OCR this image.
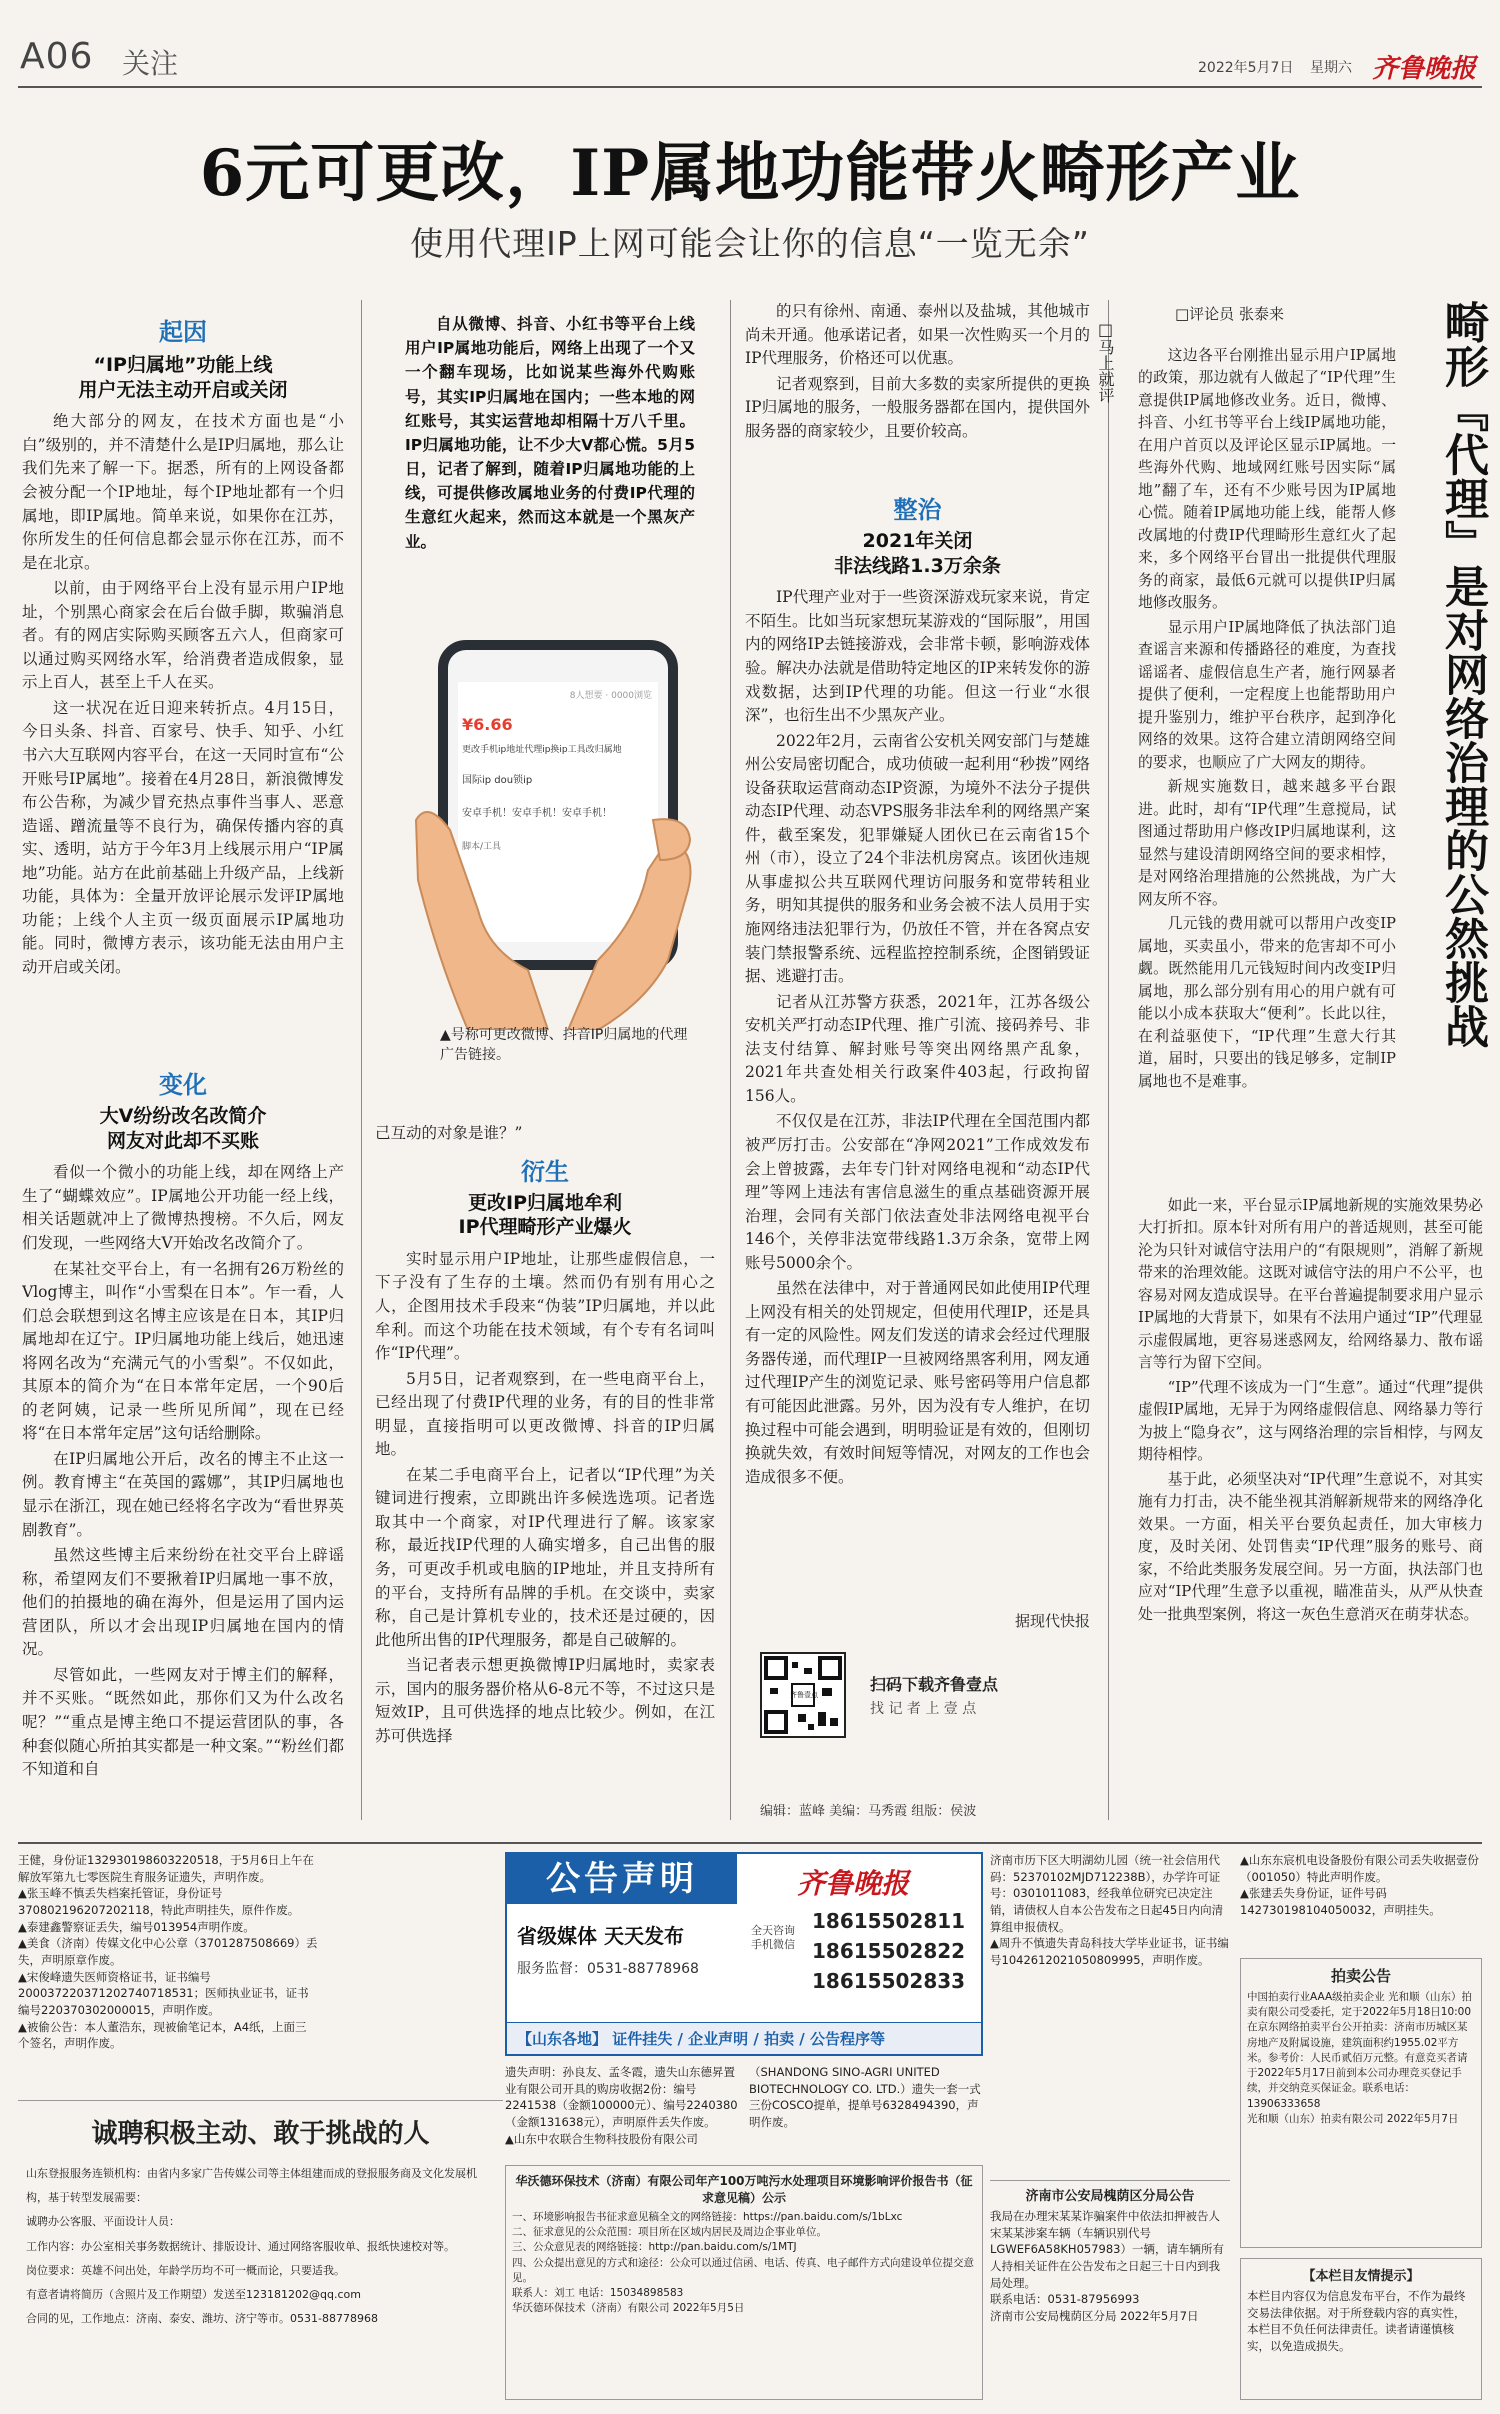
A06 关注	2022年5月7日 星期六 齐鲁晚报
6元可更改，IP属地功能带火畸形产业
使用代理IP上网可能会让你的信息“一览无余”
起因
“IP归属地”功能上线
用户无法主动开启或关闭

绝大部分的网友，在技术方面也是“小白”级别的，并不清楚什么是IP归属地，那么让我们先来了解一下。据悉，所有的上网设备都会被分配一个IP地址，每个IP地址都有一个归属地，即IP属地。简单来说，如果你在江苏，你所发生的任何信息都会显示你在江苏，而不是在北京。

以前，由于网络平台上没有显示用户IP地址，个别黑心商家会在后台做手脚，欺骗消息者。有的网店实际购买顾客五六人，但商家可以通过购买网络水军，给消费者造成假象，显示上百人，甚至上千人在买。

这一状况在近日迎来转折点。4月15日，今日头条、抖音、百家号、快手、知乎、小红书六大互联网内容平台，在这一天同时宣布“公开账号IP属地”。接着在4月28日，新浪微博发布公告称，为减少冒充热点事件当事人、恶意造谣、蹭流量等不良行为，确保传播内容的真实、透明，站方于今年3月上线展示用户“IP属地”功能。站方在此前基础上升级产品，上线新功能，具体为：全量开放评论展示发评IP属地功能；上线个人主页一级页面展示IP属地功能。同时，微博方表示，该功能无法由用户主动开启或关闭。

变化
大V纷纷改名改简介
网友对此却不买账

看似一个微小的功能上线，却在网络上产生了“蝴蝶效应”。IP属地公开功能一经上线，相关话题就冲上了微博热搜榜。不久后，网友们发现，一些网络大V开始改名改简介了。

在某社交平台上，有一名拥有26万粉丝的Vlog博主，叫作“小雪梨在日本”。乍一看，人们总会联想到这名博主应该是在日本，其IP归属地却在辽宁。IP归属地功能上线后，她迅速将网名改为“充满元气的小雪梨”。不仅如此，其原本的简介为“在日本常年定居，一个90后的老阿姨，记录一些所见所闻”，现在已经将“在日本常年定居”这句话给删除。

在IP归属地公开后，改名的博主不止这一例。教育博主“在英国的露娜”，其IP归属地也显示在浙江，现在她已经将名字改为“看世界英剧教育”。

虽然这些博主后来纷纷在社交平台上辟谣称，希望网友们不要揪着IP归属地一事不放，他们的拍摄地的确在海外，但是运用了国内运营团队，所以才会出现IP归属地在国内的情况。

尽管如此，一些网友对于博主们的解释，并不买账。“既然如此，那你们又为什么改名呢？”“重点是博主绝口不提运营团队的事，各种套似随心所拍其实都是一种文案。”“粉丝们都不知道和自

自从微博、抖音、小红书等平台上线用户IP属地功能后，网络上出现了一个又一个翻车现场，比如说某些海外代购账号，其实IP归属地在国内；一些本地的网红账号，其实运营地却相隔十万八千里。IP归属地功能，让不少大V都心慌。5月5日，记者了解到，随着IP归属地功能的上线，可提供修改属地业务的付费IP代理的生意红火起来，然而这本就是一个黑灰产业。
8人想要 · 0000浏览
¥6.66
更改手机ip地址代理ip换ip工具改归属地
国际ip dou锁ip
安卓手机！安卓手机！安卓手机！
脚本/工具
▲号称可更改微博、抖音IP归属地的代理广告链接。
己互动的对象是谁？”
衍生
更改IP归属地牟利
IP代理畸形产业爆火

实时显示用户IP地址，让那些虚假信息，一下子没有了生存的土壤。然而仍有别有用心之人，企图用技术手段来“伪装”IP归属地，并以此牟利。而这个功能在技术领域，有个专有名词叫作“IP代理”。

5月5日，记者观察到，在一些电商平台上，已经出现了付费IP代理的业务，有的目的性非常明显，直接指明可以更改微博、抖音的IP归属地。

在某二手电商平台上，记者以“IP代理”为关键词进行搜索，立即跳出许多候选选项。记者选取其中一个商家，对IP代理进行了解。该家家称，最近找IP代理的人确实增多，自己出售的服务，可更改手机或电脑的IP地址，并且支持所有的平台，支持所有品牌的手机。在交谈中，卖家称，自己是计算机专业的，技术还是过硬的，因此他所出售的IP代理服务，都是自己破解的。

当记者表示想更换微博IP归属地时，卖家表示，国内的服务器价格从6-8元不等，不过这只是短效IP，且可供选择的地点比较少。例如，在江苏可供选择

的只有徐州、南通、泰州以及盐城，其他城市尚未开通。他承诺记者，如果一次性购买一个月的IP代理服务，价格还可以优惠。

记者观察到，目前大多数的卖家所提供的更换IP归属地的服务，一般服务器都在国内，提供国外服务器的商家较少，且要价较高。

整治
2021年关闭
非法线路1.3万余条

IP代理产业对于一些资深游戏玩家来说，肯定不陌生。比如当玩家想玩某游戏的“国际服”，用国内的网络IP去链接游戏，会非常卡顿，影响游戏体验。解决办法就是借助特定地区的IP来转发你的游戏数据，达到IP代理的功能。但这一行业“水很深”，也衍生出不少黑灰产业。

2022年2月，云南省公安机关网安部门与楚雄州公安局密切配合，成功侦破一起利用“秒拨”网络设备获取运营商动态IP资源，为境外不法分子提供动态IP代理、动态VPS服务非法牟利的网络黑产案件，截至案发，犯罪嫌疑人团伙已在云南省15个州（市），设立了24个非法机房窝点。该团伙违规从事虚拟公共互联网代理访问服务和宽带转租业务，明知其提供的服务和业务会被不法人员用于实施网络违法犯罪行为，仍放任不管，并在各窝点安装门禁报警系统、远程监控控制系统，企图销毁证据、逃避打击。

记者从江苏警方获悉，2021年，江苏各级公安机关严打动态IP代理、推广引流、接码养号、非法支付结算、解封账号等突出网络黑产乱象，2021年共查处相关行政案件403起，行政拘留156人。

不仅仅是在江苏，非法IP代理在全国范围内都被严厉打击。公安部在“净网2021”工作成效发布会上曾披露，去年专门针对网络电视和“动态IP代理”等网上违法有害信息滋生的重点基础资源开展治理，会同有关部门依法查处非法网络电视平台146个，关停非法宽带线路1.3万余条，宽带上网账号5000余个。

虽然在法律中，对于普通网民如此使用IP代理上网没有相关的处罚规定，但使用代理IP，还是具有一定的风险性。网友们发送的请求会经过代理服务器传递，而代理IP一旦被网络黑客利用，网友通过代理IP产生的浏览记录、账号密码等用户信息都有可能因此泄露。另外，因为没有专人维护，在切换过程中可能会遇到，明明验证是有效的，但刚切换就失效，有效时间短等情况，对网友的工作也会造成很多不便。

据现代快报
齐鲁壹点
扫码下载齐鲁壹点
找 记 者 上 壹 点
编辑：蓝峰 美编：马秀霞 组版：侯波
□马上就评
□评论员 张泰来	畸形『代理』是对网络治理的公然挑战

这边各平台刚推出显示用户IP属地的政策，那边就有人做起了“IP代理”生意提供IP属地修改业务。近日，微博、抖音、小红书等平台上线IP属地功能，在用户首页以及评论区显示IP属地。一些海外代购、地域网红账号因实际“属地”翻了车，还有不少账号因为IP属地心慌。随着IP属地功能上线，能帮人修改属地的付费IP代理畸形生意红火了起来，多个网络平台冒出一批提供代理服务的商家，最低6元就可以提供IP归属地修改服务。

显示用户IP属地降低了执法部门追查谣言来源和传播路径的难度，为查找谣谣者、虚假信息生产者，施行网暴者提供了便利，一定程度上也能帮助用户提升鉴别力，维护平台秩序，起到净化网络的效果。这符合建立清朗网络空间的要求，也顺应了广大网友的期待。

新规实施数日，越来越多平台跟进。此时，却有“IP代理”生意搅局，试图通过帮助用户修改IP归属地谋利，这显然与建设清朗网络空间的要求相悖，是对网络治理措施的公然挑战，为广大网友所不容。

几元钱的费用就可以帮用户改变IP属地，买卖虽小，带来的危害却不可小觑。既然能用几元钱短时间内改变IP归属地，那么部分别有用心的用户就有可能以小成本获取大“便利”。长此以往，在利益驱使下，“IP代理”生意大行其道，届时，只要出的钱足够多，定制IP属地也不是难事。

如此一来，平台显示IP属地新规的实施效果势必大打折扣。原本针对所有用户的普适规则，甚至可能沦为只针对诚信守法用户的“有限规则”，消解了新规带来的治理效能。这既对诚信守法的用户不公平，也容易对网友造成误导。在平台普遍提制要求用户显示IP属地的大背景下，如果有不法用户通过“IP”代理显示虚假属地，更容易迷惑网友，给网络暴力、散布谣言等行为留下空间。

“IP”代理不该成为一门“生意”。通过“代理”提供虚假IP属地，无异于为网络虚假信息、网络暴力等行为披上“隐身衣”，这与网络治理的宗旨相悖，与网友期待相悖。

基于此，必须坚决对“IP代理”生意说不，对其实施有力打击，决不能坐视其消解新规带来的网络净化效果。一方面，相关平台要负起责任，加大审核力度，及时关闭、处罚售卖“IP代理”服务的账号、商家，不给此类服务发展空间。另一方面，执法部门也应对“IP代理”生意予以重视，瞄准苗头，从严从快查处一批典型案例，将这一灰色生意消灭在萌芽状态。

王健，身份证132930198603220518，于5月6日上午在解放军第九七零医院生育服务证遗失，声明作废。
▲张玉峰不慎丢失档案托管证，身份证号370802196207202118，特此声明挂失，原件作废。
▲泰建鑫警察证丢失，编号013954声明作废。
▲美食（济南）传媒文化中心公章（3701287508669）丢失，声明原章作废。
▲宋俊峰遗失医师资格证书，证书编号200037220371202740718531；医师执业证书，证书编号220370302000015，声明作废。
▲被偷公告：本人董浩东，现被偷笔记本，A4纸，上面三个签名，声明作废。
诚聘积极主动、敢于挑战的人
山东登报服务连锁机构：由省内多家广告传媒公司等主体组建而成的登报服务商及文化发展机构，基于转型发展需要：
诚聘办公客服、平面设计人员：
工作内容：办公室相关事务数据统计、排版设计、通过网络客服收单、报纸快速校对等。
岗位要求：英雄不问出处，年龄学历均不可一概而论，只要适我。
有意者请将简历（含照片及工作期望）发送至123181202@qq.com
合同的见，工作地点：济南、泰安、潍坊、济宁等市。0531-88778968
公告声明	齐鲁晚报
省级媒体 天天发布	全天咨询
手机微信
18615502811
18615502822
18615502833
服务监督：0531-88778968
【山东各地】 证件挂失 / 企业声明 / 拍卖 / 公告程序等
遗失声明：孙良友、孟冬霞，遗失山东德昇置业有限公司开具的购房收据2份：编号2241538（金额100000元）、编号2240380（金额131638元），声明原件丢失作废。
▲山东中农联合生物科技股份有限公司（SHANDONG SINO-AGRI UNITED BIOTECHNOLOGY CO. LTD.）遗失一套一式三份COSCO提单，提单号6328494390，声明作废。
华沃德环保技术（济南）有限公司年产100万吨污水处理项目环境影响评价报告书（征求意见稿）公示
一、环境影响报告书征求意见稿全文的网络链接：https://pan.baidu.com/s/1bLxc
二、征求意见的公众范围：项目所在区域内居民及周边企事业单位。
三、公众意见表的网络链接：http://pan.baidu.com/s/1MTJ
四、公众提出意见的方式和途径：公众可以通过信函、电话、传真、电子邮件方式向建设单位提交意见。
联系人：刘工 电话：15034898583
华沃德环保技术（济南）有限公司 2022年5月5日
济南市历下区大明湖幼儿园（统一社会信用代码：52370102MJD712238B），办学许可证号：0301011083，经我单位研究已决定注销，请债权人自本公告发布之日起45日内向清算组申报债权。
▲周升不慎遗失青岛科技大学毕业证书，证书编号1042612021050809995，声明作废。
济南市公安局槐荫区分局公告
我局在办理宋某某诈骗案件中依法扣押被告人宋某某涉案车辆（车辆识别代号LGWEF6A58KH057983）一辆，请车辆所有人持相关证件在公告发布之日起三十日内到我局处理。
联系电话：0531-87956993
济南市公安局槐荫区分局 2022年5月7日
▲山东东宸机电设备股份有限公司丢失收据壹份（001050）特此声明作废。
▲张建丢失身份证，证件号码142730198104050032，声明挂失。
拍卖公告
中国拍卖行业AAA级拍卖企业 光和顺（山东）拍卖有限公司受委托，定于2022年5月18日10:00在京东网络拍卖平台公开拍卖：济南市历城区某房地产及附属设施，建筑面积约1955.02平方米。参考价：人民币贰佰万元整。有意竞买者请于2022年5月17日前到本公司办理竞买登记手续，并交纳竞买保证金。联系电话：13906333658
光和顺（山东）拍卖有限公司 2022年5月7日
【本栏目友情提示】
本栏目内容仅为信息发布平台，不作为最终交易法律依据。对于所登载内容的真实性，本栏目不负任何法律责任。读者请谨慎核实，以免造成损失。
